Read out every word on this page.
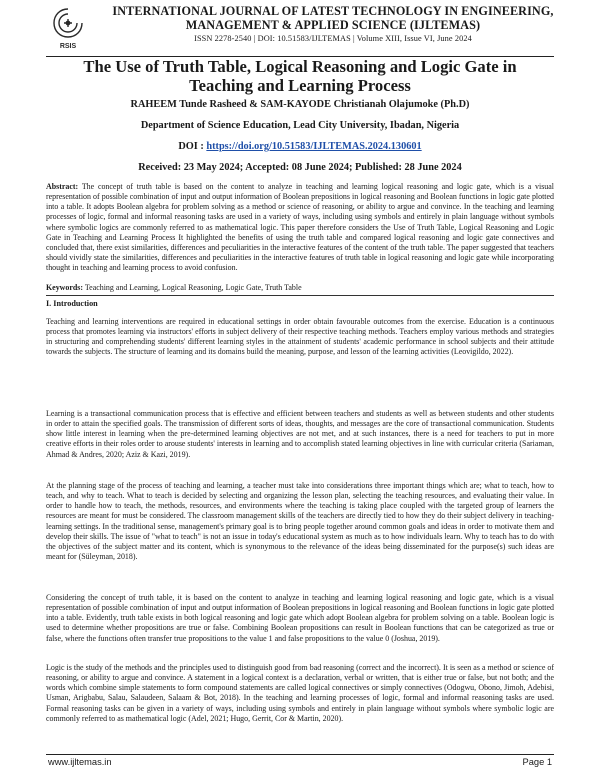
RSIS
INTERNATIONAL JOURNAL OF LATEST TECHNOLOGY IN ENGINEERING,
MANAGEMENT & APPLIED SCIENCE (IJLTEMAS)
ISSN 2278-2540 | DOI: 10.51583/IJLTEMAS | Volume XIII, Issue VI, June 2024
The Use of Truth Table, Logical Reasoning and Logic Gate in
Teaching and Learning Process
RAHEEM Tunde Rasheed & SAM-KAYODE Christianah Olajumoke (Ph.D)
Department of Science Education, Lead City University, Ibadan, Nigeria
DOI : https://doi.org/10.51583/IJLTEMAS.2024.130601
Received: 23 May 2024; Accepted: 08 June 2024; Published: 28 June 2024
Abstract: The concept of truth table is based on the content to analyze in teaching and learning logical reasoning and logic gate, which is a visual representation of possible combination of input and output information of Boolean prepositions in logical reasoning and Boolean functions in logic gate plotted into a table. It adopts Boolean algebra for problem solving as a method or science of reasoning, or ability to argue and convince. In the teaching and learning processes of logic, formal and informal reasoning tasks are used in a variety of ways, including using symbols and entirely in plain language without symbols where symbolic logics are commonly referred to as mathematical logic. This paper therefore considers the Use of Truth Table, Logical Reasoning and Logic Gate in Teaching and Learning Process It highlighted the benefits of using the truth table and compared logical reasoning and logic gate connectives and concluded that, there exist similarities, differences and peculiarities in the interactive features of the content of the truth table. The paper suggested that teachers should vividly state the similarities, differences and peculiarities in the interactive features of truth table in logical reasoning and logic gate while incorporating thought in teaching and learning process to avoid confusion.
Keywords: Teaching and Learning, Logical Reasoning, Logic Gate, Truth Table
I. Introduction
Teaching and learning interventions are required in educational settings in order obtain favourable outcomes from the exercise. Education is a continuous process that promotes learning via instructors' efforts in subject delivery of their respective teaching methods. Teachers employ various methods and strategies in structuring and comprehending students' different learning styles in the attainment of students' academic performance in school subjects and their attitude towards the subjects. The structure of learning and its domains build the meaning, purpose, and lesson of the learning activities (Leovigildo, 2022).
Learning is a transactional communication process that is effective and efficient between teachers and students as well as between students and other students in order to attain the specified goals. The transmission of different sorts of ideas, thoughts, and messages are the core of transactional communication. Students show little interest in learning when the pre-determined learning objectives are not met, and at such instances, there is a need for teachers to put in more creative efforts in their roles order to arouse students' interests in learning and to accomplish stated learning objectives in line with curricular criteria (Sariaman, Ahmad & Andres, 2020; Aziz & Kazi, 2019).
At the planning stage of the process of teaching and learning, a teacher must take into considerations three important things which are; what to teach, how to teach, and why to teach. What to teach is decided by selecting and organizing the lesson plan, selecting the teaching resources, and evaluating their value. In order to handle how to teach, the methods, resources, and environments where the teaching is taking place coupled with the targeted group of learners the resources are meant for must be considered. The classroom management skills of the teachers are directly tied to how they do their subject delivery in teaching-learning settings. In the traditional sense, management's primary goal is to bring people together around common goals and ideas in order to motivate them and develop their skills. The issue of "what to teach" is not an issue in today's educational system as much as to how individuals learn. Why to teach has to do with the objectives of the subject matter and its content, which is synonymous to the relevance of the ideas being disseminated for the purpose(s) such ideas are meant for (Süleyman, 2018).
Considering the concept of truth table, it is based on the content to analyze in teaching and learning logical reasoning and logic gate, which is a visual representation of possible combination of input and output information of Boolean prepositions in logical reasoning and Boolean functions in logic gate plotted into a table. Evidently, truth table exists in both logical reasoning and logic gate which adopt Boolean algebra for problem solving on a table. Boolean logic is used to determine whether propositions are true or false. Combining Boolean propositions can result in Boolean functions that can be categorized as true or false, where the functions often transfer true propositions to the value 1 and false propositions to the value 0 (Joshua, 2019).
Logic is the study of the methods and the principles used to distinguish good from bad reasoning (correct and the incorrect). It is seen as a method or science of reasoning, or ability to argue and convince. A statement in a logical context is a declaration, verbal or written, that is either true or false, but not both; and the words which combine simple statements to form compound statements are called logical connectives or simply connectives (Odogwu, Obono, Jimoh, Adebisi, Usman, Arigbabu, Salau, Salaudeen, Salaam & Bot, 2018). In the teaching and learning processes of logic, formal and informal reasoning tasks are used. Formal reasoning tasks can be given in a variety of ways, including using symbols and entirely in plain language without symbols where symbolic logic are commonly referred to as mathematical logic (Adel, 2021; Hugo, Gerrit, Cor & Martin, 2020).
www.ijltemas.in	Page 1
